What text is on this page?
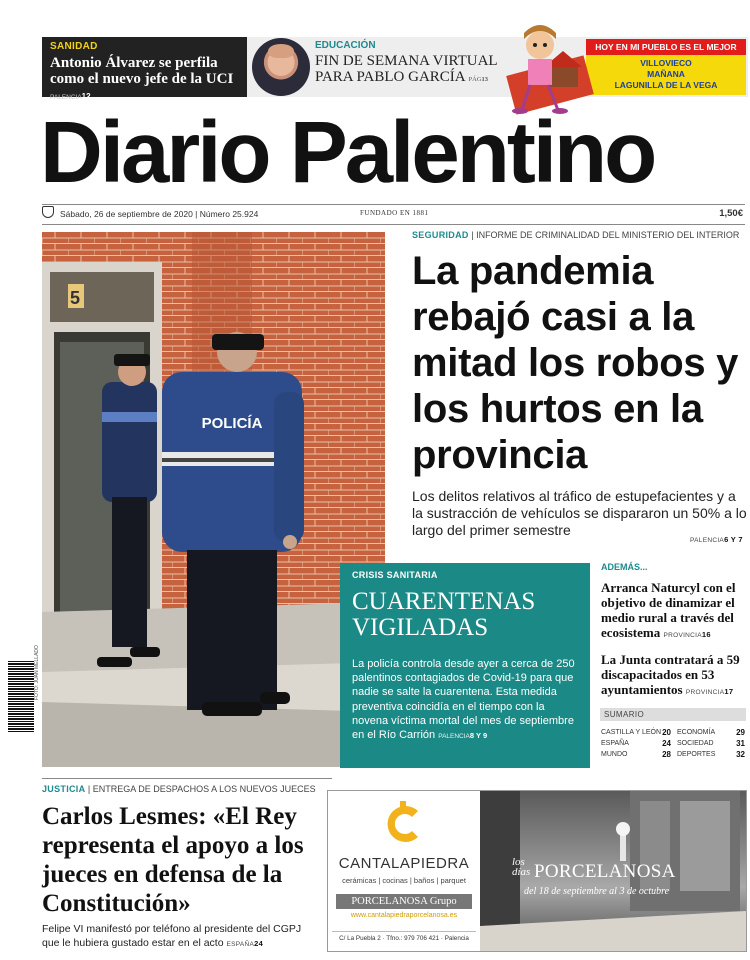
SANIDAD
Antonio Álvarez se perfila como el nuevo jefe de la UCI PALENCIA12
EDUCACIÓN
FIN DE SEMANA VIRTUAL PARA PABLO GARCÍA PÁG13
HOY EN MI PUEBLO ES EL MEJOR
VILLOVIECO
MAÑANA
LAGUNILLA DE LA VEGA
Diario Palentino
Sábado, 26 de septiembre de 2020 | Número 25.924	FUNDADO EN 1881	1,50€
5
POLICÍA
FOTO: JUAN MELLADO
SEGURIDAD | INFORME DE CRIMINALIDAD DEL MINISTERIO DEL INTERIOR
La pandemia rebajó casi a la mitad los robos y los hurtos en la provincia
Los delitos relativos al tráfico de estupefacientes y a la sustracción de vehículos se dispararon un 50% a lo largo del primer semestre
PALENCIA6 Y 7
CRISIS SANITARIA
CUARENTENAS
VIGILADAS
La policía controla desde ayer a cerca de 250 palentinos contagiados de Covid-19 para que nadie se salte la cuarentena. Esta medida preventiva coincidía en el tiempo con la novena víctima mortal del mes de septiembre en el Río Carrión PALENCIA8 Y 9
ADEMÁS...
Arranca Naturcyl con el objetivo de dinamizar el medio rural a través del ecosistema PROVINCIA16
La Junta contratará a 59 discapacitados en 53 ayuntamientos PROVINCIA17
SUMARIO
CASTILLA Y LEÓN 20
ESPAÑA	24
MUNDO	28
ECONOMÍA	29
SOCIEDAD	31
DEPORTES	32
JUSTICIA | ENTREGA DE DESPACHOS A LOS NUEVOS JUECES
Carlos Lesmes: «El Rey representa el apoyo a los jueces en defensa de la Constitución»
Felipe VI manifestó por teléfono al presidente del CGPJ que le hubiera gustado estar en el acto ESPAÑA24
CANTALAPIEDRA
cerámicas | cocinas | baños | parquet
PORCELANOSA Grupo
www.cantalapiedraporcelanosa.es
C/ La Puebla 2 · Tfno.: 979 706 421 · Palencia
los
días PORCELANOSA
del 18 de septiembre al 3 de octubre
